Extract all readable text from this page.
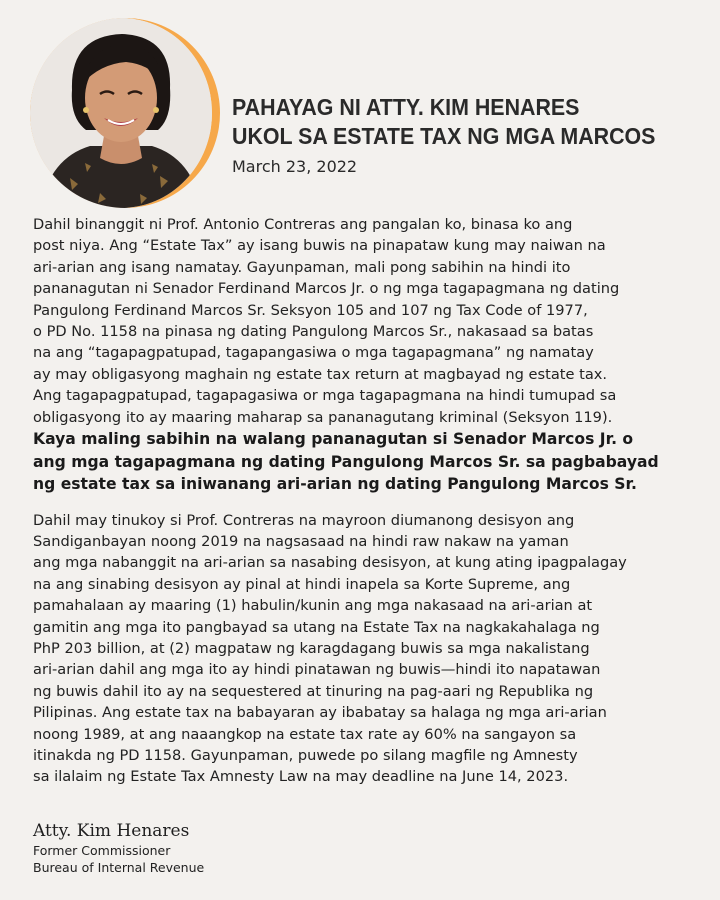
PAHAYAG NI ATTY. KIM HENARES
UKOL SA ESTATE TAX NG MGA MARCOS
March 23, 2022

Dahil binanggit ni Prof. Antonio Contreras ang pangalan ko, binasa ko ang
post niya. Ang “Estate Tax” ay isang buwis na pinapataw kung may naiwan na
ari-arian ang isang namatay. Gayunpaman, mali pong sabihin na hindi ito
pananagutan ni Senador Ferdinand Marcos Jr. o ng mga tagapagmana ng dating
Pangulong Ferdinand Marcos Sr. Seksyon 105 and 107 ng Tax Code of 1977,
o PD No. 1158 na pinasa ng dating Pangulong Marcos Sr., nakasaad sa batas
na ang “tagapagpatupad, tagapangasiwa o mga tagapagmana” ng namatay
ay may obligasyong maghain ng estate tax return at magbayad ng estate tax.
Ang tagapagpatupad, tagapagasiwa or mga tagapagmana na hindi tumupad sa
obligasyong ito ay maaring maharap sa pananagutang kriminal (Seksyon 119).
Kaya maling sabihin na walang pananagutan si Senador Marcos Jr. o
ang mga tagapagmana ng dating Pangulong Marcos Sr. sa pagbabayad
ng estate tax sa iniwanang ari-arian ng dating Pangulong Marcos Sr.

Dahil may tinukoy si Prof. Contreras na mayroon diumanong desisyon ang
Sandiganbayan noong 2019 na nagsasaad na hindi raw nakaw na yaman
ang mga nabanggit na ari-arian sa nasabing desisyon, at kung ating ipagpalagay
na ang sinabing desisyon ay pinal at hindi inapela sa Korte Supreme, ang
pamahalaan ay maaring (1) habulin/kunin ang mga nakasaad na ari-arian at
gamitin ang mga ito pangbayad sa utang na Estate Tax na nagkakahalaga ng
PhP 203 billion, at (2) magpataw ng karagdagang buwis sa mga nakalistang
ari-arian dahil ang mga ito ay hindi pinatawan ng buwis—hindi ito napatawan
ng buwis dahil ito ay na sequestered at tinuring na pag-aari ng Republika ng
Pilipinas. Ang estate tax na babayaran ay ibabatay sa halaga ng mga ari-arian
noong 1989, at ang naaangkop na estate tax rate ay 60% na sangayon sa
itinakda ng PD 1158. Gayunpaman, puwede po silang magfile ng Amnesty
sa ilalaim ng Estate Tax Amnesty Law na may deadline na June 14, 2023.

Atty. Kim Henares
Former Commissioner
Bureau of Internal Revenue
